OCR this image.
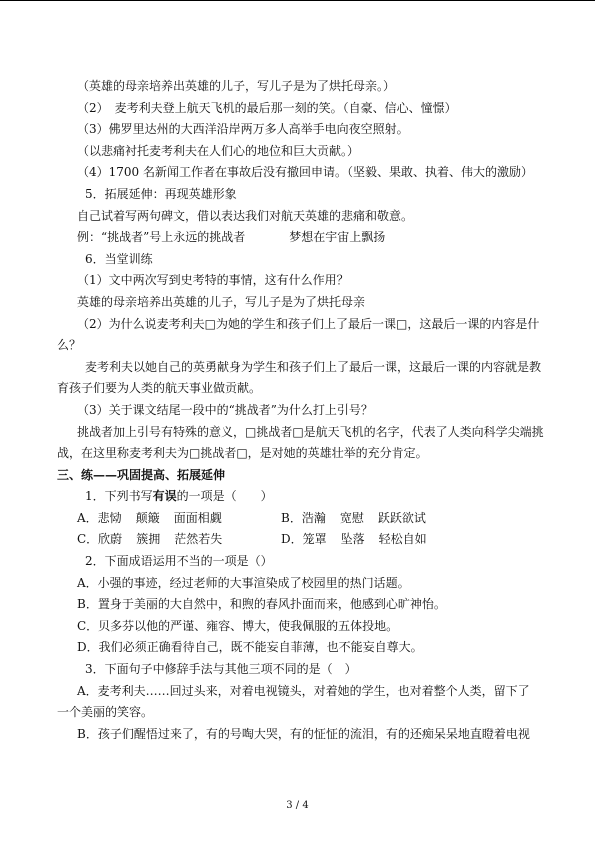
（英雄的母亲培养出英雄的儿子，写儿子是为了烘托母亲。）
（2）　麦考利夫登上航天飞机的最后那一刻的笑。（自豪、信心、憧憬）
（3）佛罗里达州的大西洋沿岸两万多人高举手电向夜空照射。
（以悲痛衬托麦考利夫在人们心的地位和巨大贡献。）
（4）1700 名新闻工作者在事故后没有撤回申请。（坚毅、果敢、执着、伟大的激励）
5．拓展延伸：再现英雄形象
自己试着写两句碑文，借以表达我们对航天英雄的悲痛和敬意。
例：“挑战者”号上永远的挑战者	梦想在宇宙上飘扬
6．当堂训练
（1）文中两次写到史考特的事情，这有什么作用？
英雄的母亲培养出英雄的儿子，写儿子是为了烘托母亲
（2）为什么说麦考利夫□为她的学生和孩子们上了最后一课□，这最后一课的内容是什
么？
麦考利夫以她自己的英勇献身为学生和孩子们上了最后一课，这最后一课的内容就是教
育孩子们要为人类的航天事业做贡献。
（3）关于课文结尾一段中的“挑战者”为什么打上引号？
挑战者加上引号有特殊的意义，□挑战者□是航天飞机的名字，代表了人类向科学尖端挑
战，在这里称麦考利夫为□挑战者□，是对她的英雄壮举的充分肯定。
三、练——巩固提高、拓展延伸
1．下列书写有误的一项是（　　）
A．悲恸 颠簸 面面相觑	B．浩瀚 宽慰 跃跃欲试
C．欣蔚 簇拥 茫然若失	D．笼罩 坠落 轻松自如
2．下面成语运用不当的一项是（）
A．小强的事迹，经过老师的大事渲染成了校园里的热门话题。
B．置身于美丽的大自然中，和煦的春风扑面而来，他感到心旷神怡。
C．贝多芬以他的严谨、雍容、博大，使我佩服的五体投地。
D．我们必须正确看待自己，既不能妄自菲薄，也不能妄自尊大。
3．下面句子中修辞手法与其他三项不同的是（　）
A．麦考利夫……回过头来，对着电视镜头，对着她的学生，也对着整个人类，留下了
一个美丽的笑容。
B．孩子们醒悟过来了，有的号啕大哭，有的怔怔的流泪，有的还痴呆呆地直瞪着电视
3 / 4
